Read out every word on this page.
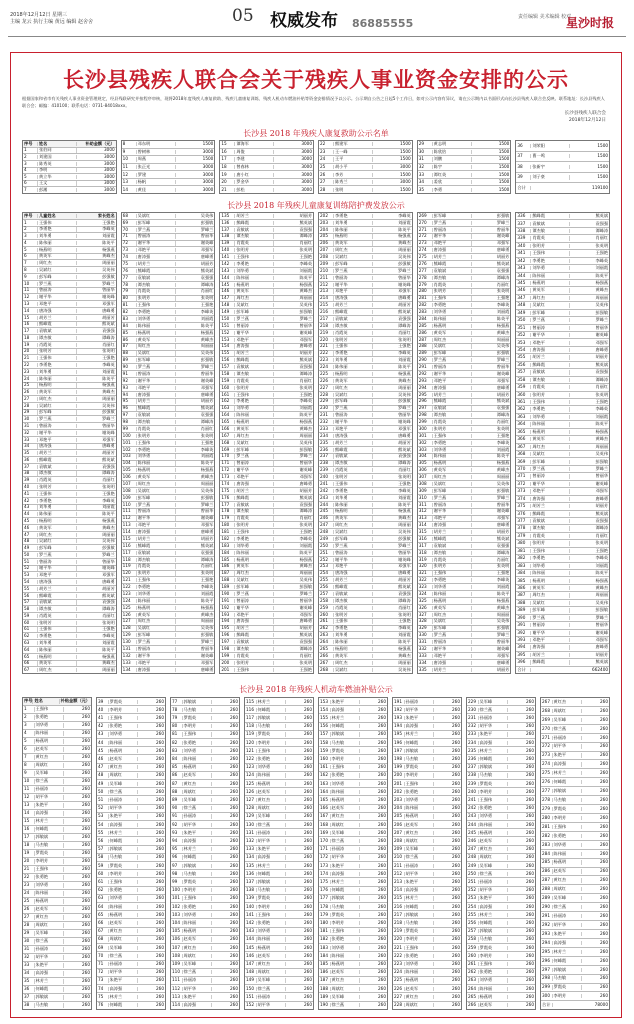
2018年12月12日 星期三
主编 龙云 执行主编 黄远 编辑 赵舍舍	05 权威发布 86885555	责任编辑 美术编辑 校对
星沙时报
长沙县残疾人联合会关于残疾人事业资金安排的公示
根据国家和省市有关残疾人事业资金管理规定，经县残联研究并按程序审核，现将2018年度残疾人康复救助、残疾儿童康复训练、残疾人机动车燃油补贴等资金安排情况予以公示。公示期自公告之日起5个工作日，如对公示内容有异议，请在公示期内以书面形式向长沙县残疾人联合会反映。联系地址：长沙县残疾人联合会；邮编：410100；联系电话：0731-84018xxx。
长沙县残疾人联合会
2018年12月12日
长沙县 2018 年残疾人康复救助公示名单
序号	姓名	补助金额（元）
1	张伯同	3000
2	刘建国	3000
3	陈秀英	3000
4	李明	3000
5	黄立华	3000
6	王文	3000
7	彭湘	3000
8	邓东明	1500
9	曾树林	3000
10	周燕	1500
11	张正光	3000
12	罗建	3000
13	杨帆	3000
14	黄佳	3000
15	谭海军	3000
16	周俊	3000
17	李建	3000
18	曾春林	3000
19	唐小红	3000
20	罗金华	3000
21	彭松	3000
22	熊建军	1500
23	王一峰	1500
24	王平	1500
25	胡小平	3000
26	李芳	1500
27	陈秀兰	3000
28	张明	1500
29	黄志明	1500
30	陈欣怡	1500
31	刘鹏	1500
32	陈宇	1500
33	谭红英	1500
34	姜欣	1500
35	李勇	1500
36	刘荣阳	1500
37	曹一鸣	1500
38	张新宇	1500
39	刘子豪	1500
合计	119100
长沙县 2018 年残疾儿童康复训练陪护费发放公示
序号	儿童姓名	家长姓名
1	王强伟	王强艳
2	李勇艳	李峰英
3	刘华勇	刘丽霞
4	陈伟丽	陈英平
5	杨燕明	杨强燕
6	黄英军	黄峰杰
7	周红杰	周丽丽
8	吴斌红	吴英伟
9	彭军峰	彭强敏
10	罗兰燕	罗峰兰
11	曾丽涛	曾丽华
12	谢平华	谢英峰
13	邓艳平	邓强军
14	唐涛强	唐峰勇
15	胡芳兰	胡丽芳
16	熊峰霞	熊英斌
17	袁敏斌	袁强强
18	谭杰敏	谭峰涛
19	肖霞英	肖丽红
20	张明芳	张英明
21	王强伟	王强艳
22	李勇艳	李峰英
23	刘华勇	刘丽霞
24	陈伟丽	陈英平
25	杨燕明	杨强燕
26	黄英军	黄峰杰
27	周红杰	周丽丽
28	吴斌红	吴英伟
29	彭军峰	彭强敏
30	罗兰燕	罗峰兰
31	曾丽涛	曾丽华
32	谢平华	谢英峰
33	邓艳平	邓强军
34	唐涛强	唐峰勇
35	胡芳兰	胡丽芳
36	熊峰霞	熊英斌
37	袁敏斌	袁强强
38	谭杰敏	谭峰涛
39	肖霞英	肖丽红
40	张明芳	张英明
41	王强伟	王强艳
42	李勇艳	李峰英
43	刘华勇	刘丽霞
44	陈伟丽	陈英平
45	杨燕明	杨强燕
46	黄英军	黄峰杰
47	周红杰	周丽丽
48	吴斌红	吴英伟
49	彭军峰	彭强敏
50	罗兰燕	罗峰兰
51	曾丽涛	曾丽华
52	谢平华	谢英峰
53	邓艳平	邓强军
54	唐涛强	唐峰勇
55	胡芳兰	胡丽芳
56	熊峰霞	熊英斌
57	袁敏斌	袁强强
58	谭杰敏	谭峰涛
59	肖霞英	肖丽红
60	张明芳	张英明
61	王强伟	王强艳
62	李勇艳	李峰英
63	刘华勇	刘丽霞
64	陈伟丽	陈英平
65	杨燕明	杨强燕
66	黄英军	黄峰杰
67	周红杰	周丽丽
68	吴斌红	吴英伟
69	彭军峰	彭强敏
70	罗兰燕	罗峰兰
71	曾丽涛	曾丽华
72	谢平华	谢英峰
73	邓艳平	邓强军
74	唐涛强	唐峰勇
75	胡芳兰	胡丽芳
76	熊峰霞	熊英斌
77	袁敏斌	袁强强
78	谭杰敏	谭峰涛
79	肖霞英	肖丽红
80	张明芳	张英明
81	王强伟	王强艳
82	李勇艳	李峰英
83	刘华勇	刘丽霞
84	陈伟丽	陈英平
85	杨燕明	杨强燕
86	黄英军	黄峰杰
87	周红杰	周丽丽
88	吴斌红	吴英伟
89	彭军峰	彭强敏
90	罗兰燕	罗峰兰
91	曾丽涛	曾丽华
92	谢平华	谢英峰
93	邓艳平	邓强军
94	唐涛强	唐峰勇
95	胡芳兰	胡丽芳
96	熊峰霞	熊英斌
97	袁敏斌	袁强强
98	谭杰敏	谭峰涛
99	肖霞英	肖丽红
100	张明芳	张英明
101	王强伟	王强艳
102	李勇艳	李峰英
103	刘华勇	刘丽霞
104	陈伟丽	陈英平
105	杨燕明	杨强燕
106	黄英军	黄峰杰
107	周红杰	周丽丽
108	吴斌红	吴英伟
109	彭军峰	彭强敏
110	罗兰燕	罗峰兰
111	曾丽涛	曾丽华
112	谢平华	谢英峰
113	邓艳平	邓强军
114	唐涛强	唐峰勇
115	胡芳兰	胡丽芳
116	熊峰霞	熊英斌
117	袁敏斌	袁强强
118	谭杰敏	谭峰涛
119	肖霞英	肖丽红
120	张明芳	张英明
121	王强伟	王强艳
122	李勇艳	李峰英
123	刘华勇	刘丽霞
124	陈伟丽	陈英平
125	杨燕明	杨强燕
126	黄英军	黄峰杰
127	周红杰	周丽丽
128	吴斌红	吴英伟
129	彭军峰	彭强敏
130	罗兰燕	罗峰兰
131	曾丽涛	曾丽华
132	谢平华	谢英峰
133	邓艳平	邓强军
134	唐涛强	唐峰勇
135	胡芳兰	胡丽芳
136	熊峰霞	熊英斌
137	袁敏斌	袁强强
138	谭杰敏	谭峰涛
139	肖霞英	肖丽红
140	张明芳	张英明
141	王强伟	王强艳
142	李勇艳	李峰英
143	刘华勇	刘丽霞
144	陈伟丽	陈英平
145	杨燕明	杨强燕
146	黄英军	黄峰杰
147	周红杰	周丽丽
148	吴斌红	吴英伟
149	彭军峰	彭强敏
150	罗兰燕	罗峰兰
151	曾丽涛	曾丽华
152	谢平华	谢英峰
153	邓艳平	邓强军
154	唐涛强	唐峰勇
155	胡芳兰	胡丽芳
156	熊峰霞	熊英斌
157	袁敏斌	袁强强
158	谭杰敏	谭峰涛
159	肖霞英	肖丽红
160	张明芳	张英明
161	王强伟	王强艳
162	李勇艳	李峰英
163	刘华勇	刘丽霞
164	陈伟丽	陈英平
165	杨燕明	杨强燕
166	黄英军	黄峰杰
167	周红杰	周丽丽
168	吴斌红	吴英伟
169	彭军峰	彭强敏
170	罗兰燕	罗峰兰
171	曾丽涛	曾丽华
172	谢平华	谢英峰
173	邓艳平	邓强军
174	唐涛强	唐峰勇
175	胡芳兰	胡丽芳
176	熊峰霞	熊英斌
177	袁敏斌	袁强强
178	谭杰敏	谭峰涛
179	肖霞英	肖丽红
180	张明芳	张英明
181	王强伟	王强艳
182	李勇艳	李峰英
183	刘华勇	刘丽霞
184	陈伟丽	陈英平
185	杨燕明	杨强燕
186	黄英军	黄峰杰
187	周红杰	周丽丽
188	吴斌红	吴英伟
189	彭军峰	彭强敏
190	罗兰燕	罗峰兰
191	曾丽涛	曾丽华
192	谢平华	谢英峰
193	邓艳平	邓强军
194	唐涛强	唐峰勇
195	胡芳兰	胡丽芳
196	熊峰霞	熊英斌
197	袁敏斌	袁强强
198	谭杰敏	谭峰涛
199	肖霞英	肖丽红
200	张明芳	张英明
201	王强伟	王强艳
202	李勇艳	李峰英
203	刘华勇	刘丽霞
204	陈伟丽	陈英平
205	杨燕明	杨强燕
206	黄英军	黄峰杰
207	周红杰	周丽丽
208	吴斌红	吴英伟
209	彭军峰	彭强敏
210	罗兰燕	罗峰兰
211	曾丽涛	曾丽华
212	谢平华	谢英峰
213	邓艳平	邓强军
214	唐涛强	唐峰勇
215	胡芳兰	胡丽芳
216	熊峰霞	熊英斌
217	袁敏斌	袁强强
218	谭杰敏	谭峰涛
219	肖霞英	肖丽红
220	张明芳	张英明
221	王强伟	王强艳
222	李勇艳	李峰英
223	刘华勇	刘丽霞
224	陈伟丽	陈英平
225	杨燕明	杨强燕
226	黄英军	黄峰杰
227	周红杰	周丽丽
228	吴斌红	吴英伟
229	彭军峰	彭强敏
230	罗兰燕	罗峰兰
231	曾丽涛	曾丽华
232	谢平华	谢英峰
233	邓艳平	邓强军
234	唐涛强	唐峰勇
235	胡芳兰	胡丽芳
236	熊峰霞	熊英斌
237	袁敏斌	袁强强
238	谭杰敏	谭峰涛
239	肖霞英	肖丽红
240	张明芳	张英明
241	王强伟	王强艳
242	李勇艳	李峰英
243	刘华勇	刘丽霞
244	陈伟丽	陈英平
245	杨燕明	杨强燕
246	黄英军	黄峰杰
247	周红杰	周丽丽
248	吴斌红	吴英伟
249	彭军峰	彭强敏
250	罗兰燕	罗峰兰
251	曾丽涛	曾丽华
252	谢平华	谢英峰
253	邓艳平	邓强军
254	唐涛强	唐峰勇
255	胡芳兰	胡丽芳
256	熊峰霞	熊英斌
257	袁敏斌	袁强强
258	谭杰敏	谭峰涛
259	肖霞英	肖丽红
260	张明芳	张英明
261	王强伟	王强艳
262	李勇艳	李峰英
263	刘华勇	刘丽霞
264	陈伟丽	陈英平
265	杨燕明	杨强燕
266	黄英军	黄峰杰
267	周红杰	周丽丽
268	吴斌红	吴英伟
269	彭军峰	彭强敏
270	罗兰燕	罗峰兰
271	曾丽涛	曾丽华
272	谢平华	谢英峰
273	邓艳平	邓强军
274	唐涛强	唐峰勇
275	胡芳兰	胡丽芳
276	熊峰霞	熊英斌
277	袁敏斌	袁强强
278	谭杰敏	谭峰涛
279	肖霞英	肖丽红
280	张明芳	张英明
281	王强伟	王强艳
282	李勇艳	李峰英
283	刘华勇	刘丽霞
284	陈伟丽	陈英平
285	杨燕明	杨强燕
286	黄英军	黄峰杰
287	周红杰	周丽丽
288	吴斌红	吴英伟
289	彭军峰	彭强敏
290	罗兰燕	罗峰兰
291	曾丽涛	曾丽华
292	谢平华	谢英峰
293	邓艳平	邓强军
294	唐涛强	唐峰勇
295	胡芳兰	胡丽芳
296	熊峰霞	熊英斌
297	袁敏斌	袁强强
298	谭杰敏	谭峰涛
299	肖霞英	肖丽红
300	张明芳	张英明
301	王强伟	王强艳
302	李勇艳	李峰英
303	刘华勇	刘丽霞
304	陈伟丽	陈英平
305	杨燕明	杨强燕
306	黄英军	黄峰杰
307	周红杰	周丽丽
308	吴斌红	吴英伟
309	彭军峰	彭强敏
310	罗兰燕	罗峰兰
311	曾丽涛	曾丽华
312	谢平华	谢英峰
313	邓艳平	邓强军
314	唐涛强	唐峰勇
315	胡芳兰	胡丽芳
316	熊峰霞	熊英斌
317	袁敏斌	袁强强
318	谭杰敏	谭峰涛
319	肖霞英	肖丽红
320	张明芳	张英明
321	王强伟	王强艳
322	李勇艳	李峰英
323	刘华勇	刘丽霞
324	陈伟丽	陈英平
325	杨燕明	杨强燕
326	黄英军	黄峰杰
327	周红杰	周丽丽
328	吴斌红	吴英伟
329	彭军峰	彭强敏
330	罗兰燕	罗峰兰
331	曾丽涛	曾丽华
332	谢平华	谢英峰
333	邓艳平	邓强军
334	唐涛强	唐峰勇
335	胡芳兰	胡丽芳
336	熊峰霞	熊英斌
337	袁敏斌	袁强强
338	谭杰敏	谭峰涛
339	肖霞英	肖丽红
340	张明芳	张英明
341	王强伟	王强艳
342	李勇艳	李峰英
343	刘华勇	刘丽霞
344	陈伟丽	陈英平
345	杨燕明	杨强燕
346	黄英军	黄峰杰
347	周红杰	周丽丽
348	吴斌红	吴英伟
349	彭军峰	彭强敏
350	罗兰燕	罗峰兰
351	曾丽涛	曾丽华
352	谢平华	谢英峰
353	邓艳平	邓强军
354	唐涛强	唐峰勇
355	胡芳兰	胡丽芳
356	熊峰霞	熊英斌
357	袁敏斌	袁强强
358	谭杰敏	谭峰涛
359	肖霞英	肖丽红
360	张明芳	张英明
361	王强伟	王强艳
362	李勇艳	李峰英
363	刘华勇	刘丽霞
364	陈伟丽	陈英平
365	杨燕明	杨强燕
366	黄英军	黄峰杰
367	周红杰	周丽丽
368	吴斌红	吴英伟
369	彭军峰	彭强敏
370	罗兰燕	罗峰兰
371	曾丽涛	曾丽华
372	谢平华	谢英峰
373	邓艳平	邓强军
374	唐涛强	唐峰勇
375	胡芳兰	胡丽芳
376	熊峰霞	熊英斌
377	袁敏斌	袁强强
378	谭杰敏	谭峰涛
379	肖霞英	肖丽红
380	张明芳	张英明
381	王强伟	王强艳
382	李勇艳	李峰英
383	刘华勇	刘丽霞
384	陈伟丽	陈英平
385	杨燕明	杨强燕
386	黄英军	黄峰杰
387	周红杰	周丽丽
388	吴斌红	吴英伟
389	彭军峰	彭强敏
390	罗兰燕	罗峰兰
391	曾丽涛	曾丽华
392	谢平华	谢英峰
393	邓艳平	邓强军
394	唐涛强	唐峰勇
395	胡芳兰	胡丽芳
396	熊峰霞	熊英斌
合计	662400
长沙县 2018 年残疾人机动车燃油补贴公示
序号 姓名	补贴金额（元）
1	王强伟	260
2	张勇艳	260
3	刘华勇	260
4	陈伟丽	260
5	杨燕明	260
6	赵英军	260
7	黄红杰	260
8	周斌红	260
9	吴军峰	260
10	徐兰燕	260
11	孙丽涛	260
12	胡平华	260
13	朱艳平	260
14	高涛强	260
15	林芳兰	260
16	何峰霞	260
17	郭敏斌	260
18	马杰敏	260
19	罗霞英	260
20	李明芳	260
21	王强伟	260
22	张勇艳	260
23	刘华勇	260
24	陈伟丽	260
25	杨燕明	260
26	赵英军	260
27	黄红杰	260
28	周斌红	260
29	吴军峰	260
30	徐兰燕	260
31	孙丽涛	260
32	胡平华	260
33	朱艳平	260
34	高涛强	260
35	林芳兰	260
36	何峰霞	260
37	郭敏斌	260
38	马杰敏	260
39	罗霞英	260
40	李明芳	260
41	王强伟	260
42	张勇艳	260
43	刘华勇	260
44	陈伟丽	260
45	杨燕明	260
46	赵英军	260
47	黄红杰	260
48	周斌红	260
49	吴军峰	260
50	徐兰燕	260
51	孙丽涛	260
52	胡平华	260
53	朱艳平	260
54	高涛强	260
55	林芳兰	260
56	何峰霞	260
57	郭敏斌	260
58	马杰敏	260
59	罗霞英	260
60	李明芳	260
61	王强伟	260
62	张勇艳	260
63	刘华勇	260
64	陈伟丽	260
65	杨燕明	260
66	赵英军	260
67	黄红杰	260
68	周斌红	260
69	吴军峰	260
70	徐兰燕	260
71	孙丽涛	260
72	胡平华	260
73	朱艳平	260
74	高涛强	260
75	林芳兰	260
76	何峰霞	260
77	郭敏斌	260
78	马杰敏	260
79	罗霞英	260
80	李明芳	260
81	王强伟	260
82	张勇艳	260
83	刘华勇	260
84	陈伟丽	260
85	杨燕明	260
86	赵英军	260
87	黄红杰	260
88	周斌红	260
89	吴军峰	260
90	徐兰燕	260
91	孙丽涛	260
92	胡平华	260
93	朱艳平	260
94	高涛强	260
95	林芳兰	260
96	何峰霞	260
97	郭敏斌	260
98	马杰敏	260
99	罗霞英	260
100 李明芳	260
101 王强伟	260
102 张勇艳	260
103 刘华勇	260
104 陈伟丽	260
105 杨燕明	260
106 赵英军	260
107 黄红杰	260
108 周斌红	260
109 吴军峰	260
110 徐兰燕	260
111 孙丽涛	260
112 胡平华	260
113 朱艳平	260
114 高涛强	260
115 林芳兰	260
116 何峰霞	260
117 郭敏斌	260
118 马杰敏	260
119 罗霞英	260
120 李明芳	260
121 王强伟	260
122 张勇艳	260
123 刘华勇	260
124 陈伟丽	260
125 杨燕明	260
126 赵英军	260
127 黄红杰	260
128 周斌红	260
129 吴军峰	260
130 徐兰燕	260
131 孙丽涛	260
132 胡平华	260
133 朱艳平	260
134 高涛强	260
135 林芳兰	260
136 何峰霞	260
137 郭敏斌	260
138 马杰敏	260
139 罗霞英	260
140 李明芳	260
141 王强伟	260
142 张勇艳	260
143 刘华勇	260
144 陈伟丽	260
145 杨燕明	260
146 赵英军	260
147 黄红杰	260
148 周斌红	260
149 吴军峰	260
150 徐兰燕	260
151 孙丽涛	260
152 胡平华	260
153 朱艳平	260
154 高涛强	260
155 林芳兰	260
156 何峰霞	260
157 郭敏斌	260
158 马杰敏	260
159 罗霞英	260
160 李明芳	260
161 王强伟	260
162 张勇艳	260
163 刘华勇	260
164 陈伟丽	260
165 杨燕明	260
166 赵英军	260
167 黄红杰	260
168 周斌红	260
169 吴军峰	260
170 徐兰燕	260
171 孙丽涛	260
172 胡平华	260
173 朱艳平	260
174 高涛强	260
175 林芳兰	260
176 何峰霞	260
177 郭敏斌	260
178 马杰敏	260
179 罗霞英	260
180 李明芳	260
181 王强伟	260
182 张勇艳	260
183 刘华勇	260
184 陈伟丽	260
185 杨燕明	260
186 赵英军	260
187 黄红杰	260
188 周斌红	260
189 吴军峰	260
190 徐兰燕	260
191 孙丽涛	260
192 胡平华	260
193 朱艳平	260
194 高涛强	260
195 林芳兰	260
196 何峰霞	260
197 郭敏斌	260
198 马杰敏	260
199 罗霞英	260
200 李明芳	260
201 王强伟	260
202 张勇艳	260
203 刘华勇	260
204 陈伟丽	260
205 杨燕明	260
206 赵英军	260
207 黄红杰	260
208 周斌红	260
209 吴军峰	260
210 徐兰燕	260
211 孙丽涛	260
212 胡平华	260
213 朱艳平	260
214 高涛强	260
215 林芳兰	260
216 何峰霞	260
217 郭敏斌	260
218 马杰敏	260
219 罗霞英	260
220 李明芳	260
221 王强伟	260
222 张勇艳	260
223 刘华勇	260
224 陈伟丽	260
225 杨燕明	260
226 赵英军	260
227 黄红杰	260
228 周斌红	260
229 吴军峰	260
230 徐兰燕	260
231 孙丽涛	260
232 胡平华	260
233 朱艳平	260
234 高涛强	260
235 林芳兰	260
236 何峰霞	260
237 郭敏斌	260
238 马杰敏	260
239 罗霞英	260
240 李明芳	260
241 王强伟	260
242 张勇艳	260
243 刘华勇	260
244 陈伟丽	260
245 杨燕明	260
246 赵英军	260
247 黄红杰	260
248 周斌红	260
249 吴军峰	260
250 徐兰燕	260
251 孙丽涛	260
252 胡平华	260
253 朱艳平	260
254 高涛强	260
255 林芳兰	260
256 何峰霞	260
257 郭敏斌	260
258 马杰敏	260
259 罗霞英	260
260 李明芳	260
261 王强伟	260
262 张勇艳	260
263 刘华勇	260
264 陈伟丽	260
265 杨燕明	260
266 赵英军	260
267 黄红杰	260
268 周斌红	260
269 吴军峰	260
270 徐兰燕	260
271 孙丽涛	260
272 胡平华	260
273 朱艳平	260
274 高涛强	260
275 林芳兰	260
276 何峰霞	260
277 郭敏斌	260
278 马杰敏	260
279 罗霞英	260
280 李明芳	260
281 王强伟	260
282 张勇艳	260
283 刘华勇	260
284 陈伟丽	260
285 杨燕明	260
286 赵英军	260
287 黄红杰	260
288 周斌红	260
289 吴军峰	260
290 徐兰燕	260
291 孙丽涛	260
292 胡平华	260
293 朱艳平	260
294 高涛强	260
295 林芳兰	260
296 何峰霞	260
297 郭敏斌	260
298 马杰敏	260
299 罗霞英	260
300 李明芳	260
合计	78000
